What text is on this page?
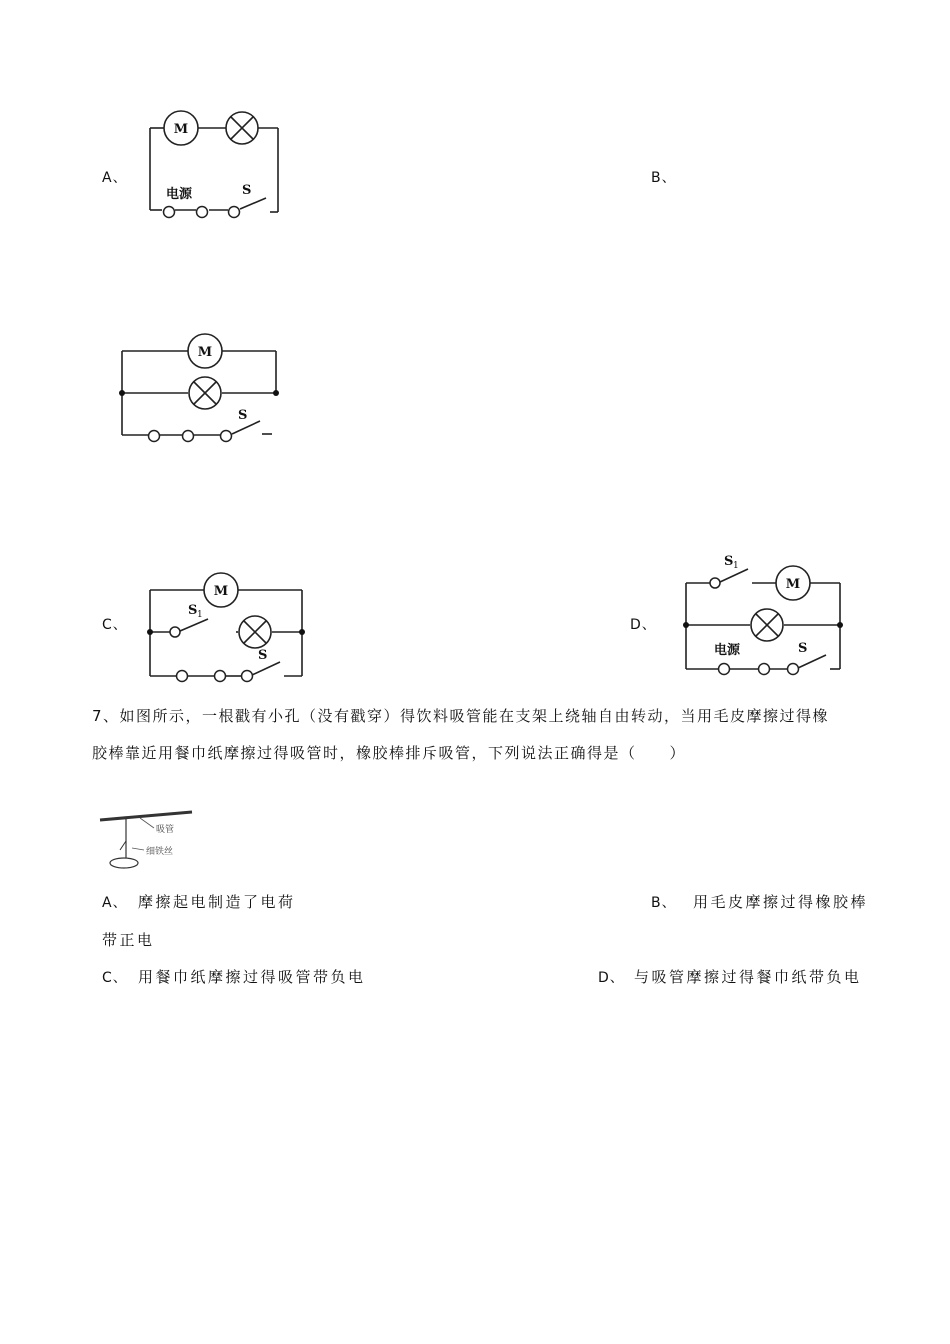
A、
M
电源	S
B、
M
S
C、
M
S 1
S
D、
S 1
M
电源	S
7、如图所示，一根戳有小孔（没有戳穿）得饮料吸管能在支架上绕轴自由转动，当用毛皮摩擦过得橡
胶棒靠近用餐巾纸摩擦过得吸管时，橡胶棒排斥吸管，下列说法正确得是（　　）
吸管
细铁丝
A、 摩擦起电制造了电荷	B、 用毛皮摩擦过得橡胶棒
带正电
C、 用餐巾纸摩擦过得吸管带负电	D、 与吸管摩擦过得餐巾纸带负电
